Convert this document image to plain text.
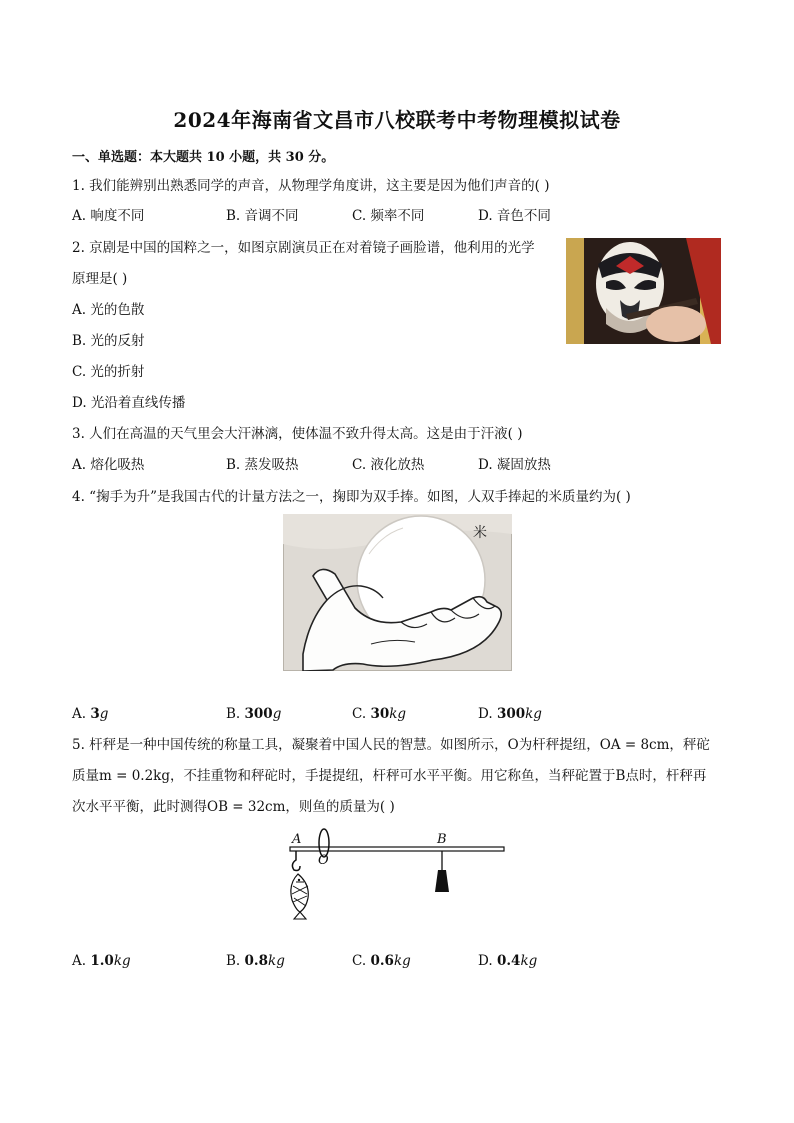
2024年海南省文昌市八校联考中考物理模拟试卷
一、单选题：本大题共 10 小题，共 30 分。
1. 我们能辨别出熟悉同学的声音，从物理学角度讲，这主要是因为他们声音的( )
A. 响度不同	B. 音调不同	C. 频率不同	D. 音色不同
2. 京剧是中国的国粹之一，如图京剧演员正在对着镜子画脸谱，他利用的光学
原理是( )
A. 光的色散
B. 光的反射
C. 光的折射
D. 光沿着直线传播
3. 人们在高温的天气里会大汗淋漓，使体温不致升得太高。这是由于汗液( )
A. 熔化吸热	B. 蒸发吸热	C. 液化放热	D. 凝固放热
4. “掬手为升”是我国古代的计量方法之一，掬即为双手捧。如图，人双手捧起的米质量约为( )
米
A. 3g	B. 300g	C. 30kg	D. 300kg
5. 杆秤是一种中国传统的称量工具，凝聚着中国人民的智慧。如图所示，O为杆秤提纽，OA = 8cm，秤砣
质量m = 0.2kg，不挂重物和秤砣时，手提提纽，杆秤可水平平衡。用它称鱼，当秤砣置于B点时，杆秤再
次水平平衡，此时测得OB = 32cm，则鱼的质量为( )
A
O
B
A. 1.0kg	B. 0.8kg	C. 0.6kg	D. 0.4kg
